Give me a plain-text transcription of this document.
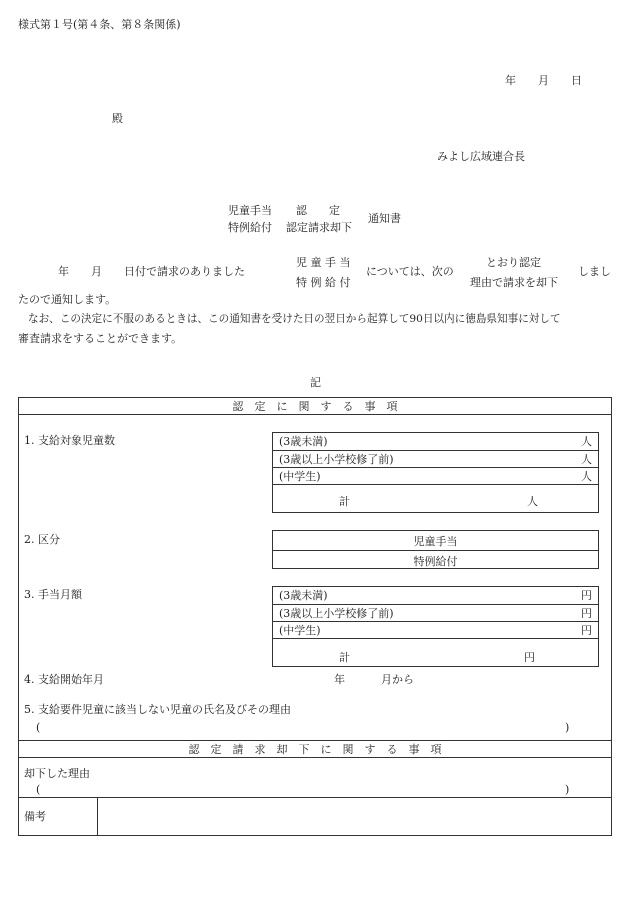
様式第１号(第４条、第８条関係)
年　　月　　日
殿
みよし広域連合長
児童手当
特例給付
認　　定
認定請求却下
通知書
年　　月　　日付で請求のありました
児 童 手 当
特 例 給 付
については、次の
とおり認定
理由で請求を却下
しまし
たので通知します。
なお、この決定に不服のあるときは、この通知書を受けた日の翌日から起算して90日以内に徳島県知事に対して
審査請求をすることができます。
記
認　定　に　関　す　る　事　項
1. 支給対象児童数	(3歳未満)	人
(3歳以上小学校修了前)	人
(中学生)	人
計	人
2. 区分	児童手当
特例給付
3. 手当月額	(3歳未満)	円
(3歳以上小学校修了前)	円
(中学生)	円
計	円
4. 支給開始年月	年	月から
5. 支給要件児童に該当しない児童の氏名及びその理由
(	)
認　定　請　求　却　下　に　関　す　る　事　項
却下した理由
(	)
備考
